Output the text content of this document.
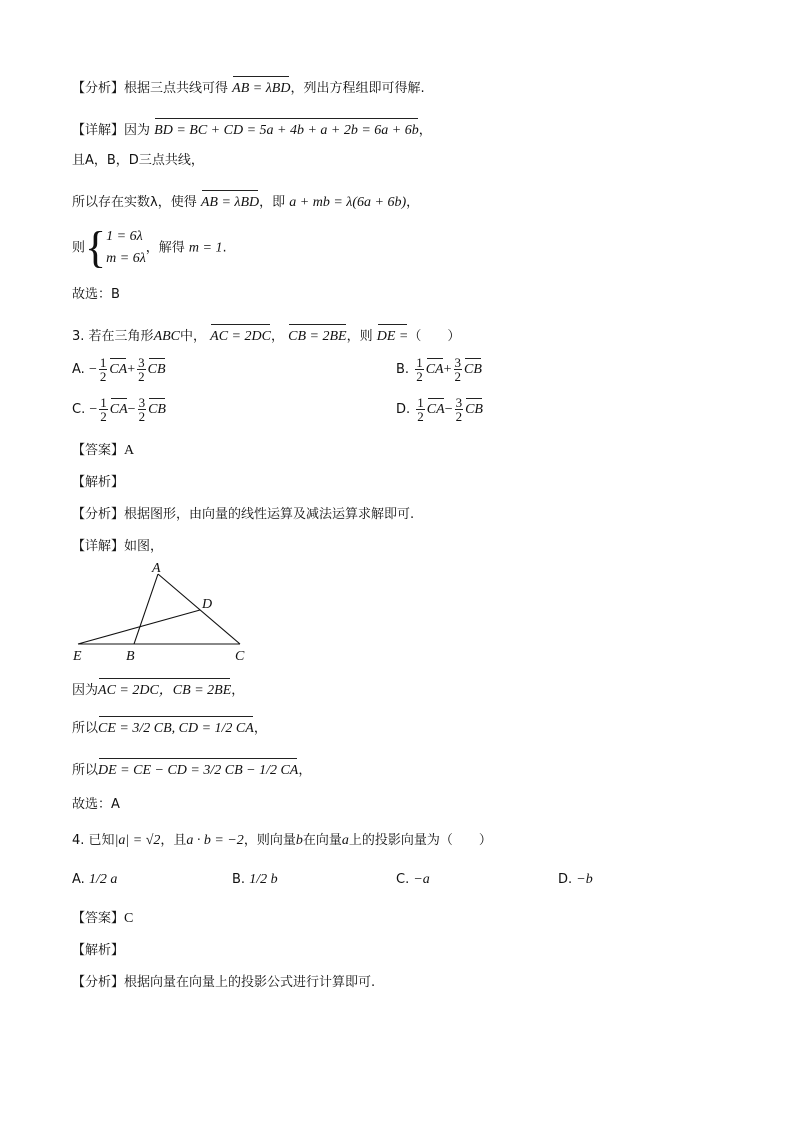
【分析】根据三点共线可得 AB = λBD，列出方程组即可得解.
【详解】因为 BD = BC + CD = 5a + 4b + a + 2b = 6a + 6b，
且A，B，D三点共线，
所以存在实数λ，使得 AB = λBD，即 a + mb = λ(6a + 6b)，
则{ 1 = 6λ
m = 6λ
，解得 m = 1.
故选：B
3. 若在三角形ABC中， AC = 2DC， CB = 2BE，则 DE =（　　）
A. − $\frac{1}{2} CA+ \frac{3}{2}$ CB	B. $\frac{1}{2} CA+ \frac{3}{2}$ CB
C. − $\frac{1}{2} CA- \frac{3}{2}$ CB	D. $\frac{1}{2} CA- \frac{3}{2}$ CB
【答案】A
【解析】
【分析】根据图形，由向量的线性运算及减法运算求解即可.
【详解】如图，
A
D
E	B	C
因为AC = 2DC，CB = 2BE，
所以CE = 3/2 CB, CD = 1/2 CA，
所以DE = CE − CD = 3/2 CB − 1/2 CA，
故选：A
4. 已知|a| = √2，且a · b = −2，则向量b在向量a上的投影向量为（　　）
A. 1/2 a	B. 1/2 b	C. −a	D. −b
【答案】C
【解析】
【分析】根据向量在向量上的投影公式进行计算即可.
